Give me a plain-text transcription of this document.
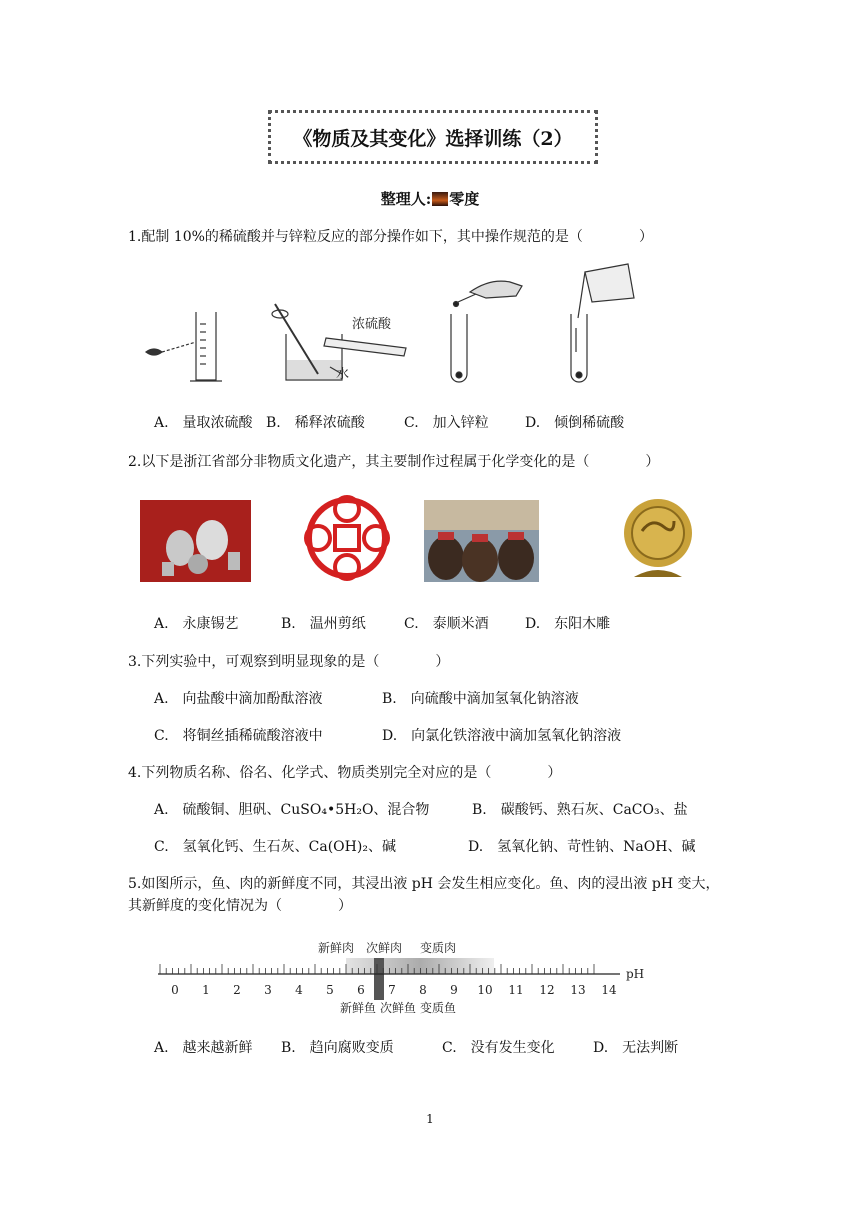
《物质及其变化》选择训练（2）
整理人: 零度
1.配制 10%的稀硫酸并与锌粒反应的部分操作如下，其中操作规范的是（	）
浓硫酸
水
A.　量取浓硫酸 B.　稀释浓硫酸	C.　加入锌粒	D.　倾倒稀硫酸
2.以下是浙江省部分非物质文化遗产，其主要制作过程属于化学变化的是（	）
A.　永康锡艺	B.　温州剪纸	C.　泰顺米酒	D.　东阳木雕
3.下列实验中，可观察到明显现象的是（	）
A.　向盐酸中滴加酚酞溶液	B.　向硫酸中滴加氢氧化钠溶液
C.　将铜丝插稀硫酸溶液中	D.　向氯化铁溶液中滴加氢氧化钠溶液
4.下列物质名称、俗名、化学式、物质类别完全对应的是（	）
A.　硫酸铜、胆矾、CuSO₄•5H₂O、混合物	B.　碳酸钙、熟石灰、CaCO₃、盐
C.　氢氧化钙、生石灰、Ca(OH)₂、碱	D.　氢氧化钠、苛性钠、NaOH、碱
5.如图所示，鱼、肉的新鲜度不同，其浸出液 pH 会发生相应变化。鱼、肉的浸出液 pH 变大，
其新鲜度的变化情况为（	）
0 1 2 3 4 5 6 7 8 9 10 11 12 13 14
pH
新鲜肉 次鲜肉 变质肉
新鲜鱼 次鲜鱼 变质鱼
A.　越来越新鲜 B.　趋向腐败变质	C.　没有发生变化	D.　无法判断
1
